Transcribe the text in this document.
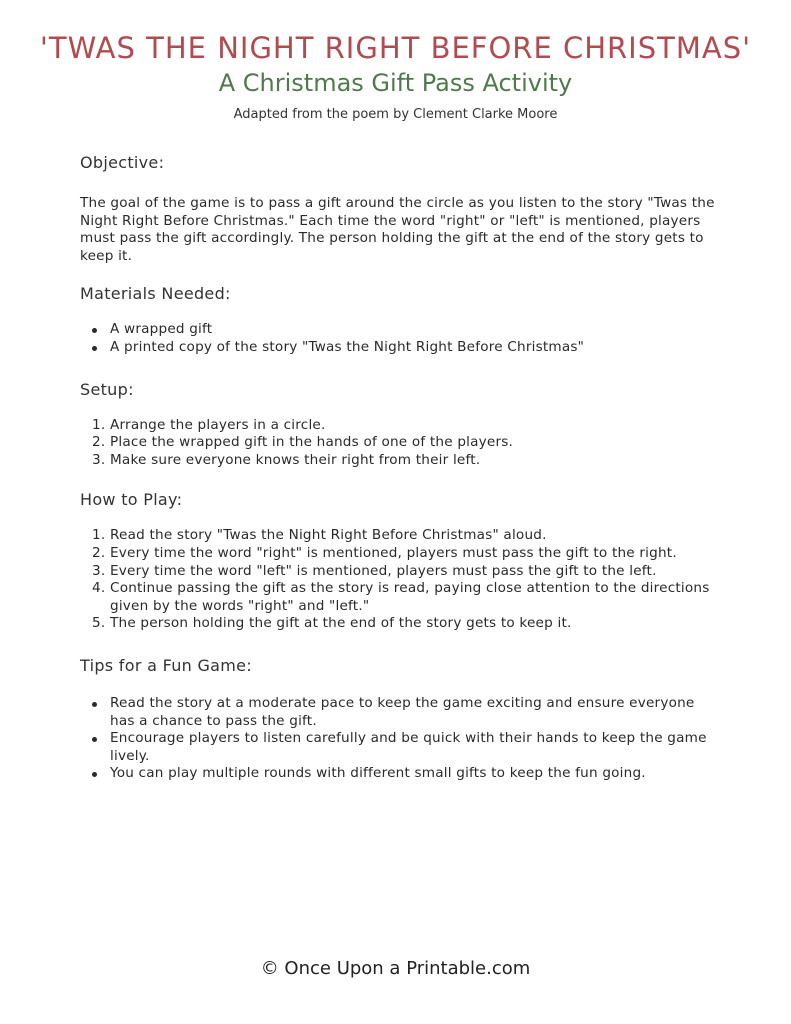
'TWAS THE NIGHT RIGHT BEFORE CHRISTMAS'
A Christmas Gift Pass Activity

Adapted from the poem by Clement Clarke Moore

Objective:

The goal of the game is to pass a gift around the circle as you listen to the story "Twas the Night Right Before Christmas." Each time the word "right" or "left" is mentioned, players must pass the gift accordingly. The person holding the gift at the end of the story gets to keep it.

Materials Needed:
A wrapped gift
A printed copy of the story "Twas the Night Right Before Christmas"
Setup:
1. Arrange the players in a circle.
2. Place the wrapped gift in the hands of one of the players.
3. Make sure everyone knows their right from their left.
How to Play:
1. Read the story "Twas the Night Right Before Christmas" aloud.
2. Every time the word "right" is mentioned, players must pass the gift to the right.
3. Every time the word "left" is mentioned, players must pass the gift to the left.
4. Continue passing the gift as the story is read, paying close attention to the directions given by the words "right" and "left."
5. The person holding the gift at the end of the story gets to keep it.
Tips for a Fun Game:
Read the story at a moderate pace to keep the game exciting and ensure everyone has a chance to pass the gift.
Encourage players to listen carefully and be quick with their hands to keep the game lively.
You can play multiple rounds with different small gifts to keep the fun going.
© Once Upon a Printable.com
